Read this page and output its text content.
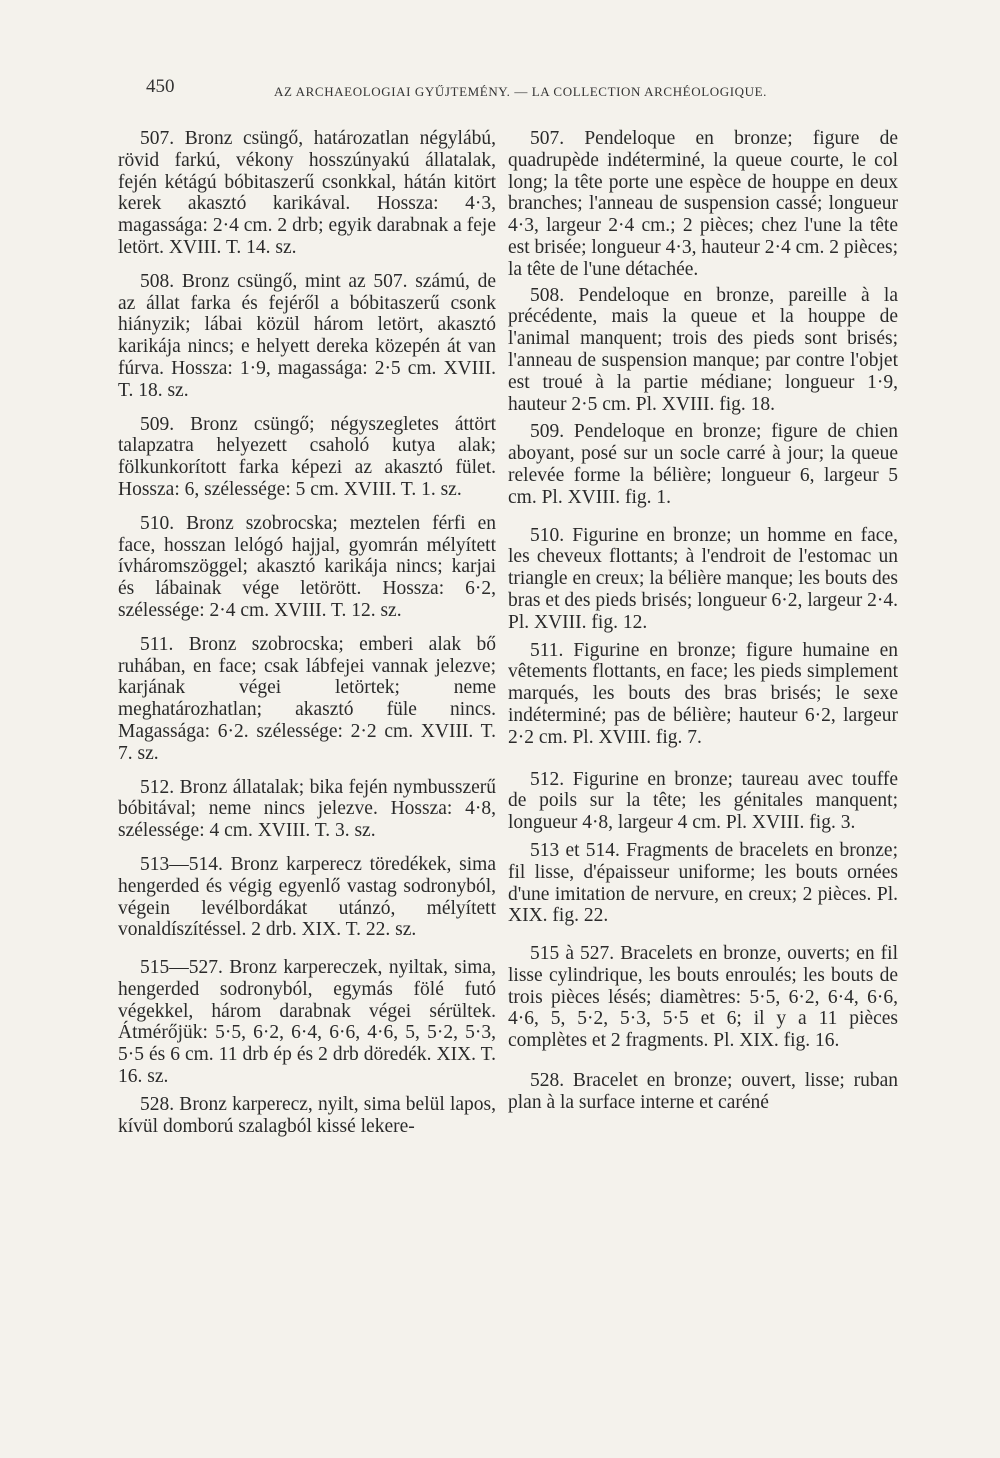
450	AZ ARCHAEOLOGIAI GYŰJTEMÉNY. — LA COLLECTION ARCHÉOLOGIQUE.

507. Bronz csüngő, határozatlan négylábú, rövid farkú, vékony hosszúnyakú állatalak, fején kétágú bóbitaszerű csonkkal, hátán kitört kerek akasztó karikával. Hossza: 4·3, magassága: 2·4 cm. 2 drb; egyik darabnak a feje letört. XVIII. T. 14. sz.

508. Bronz csüngő, mint az 507. számú, de az állat farka és fejéről a bóbitaszerű csonk hiányzik; lábai közül három letört, akasztó karikája nincs; e helyett dereka közepén át van fúrva. Hossza: 1·9, magassága: 2·5 cm. XVIII. T. 18. sz.

509. Bronz csüngő; négyszegletes áttört talapzatra helyezett csaholó kutya alak; fölkunkorított farka képezi az akasztó fület. Hossza: 6, szélessége: 5 cm. XVIII. T. 1. sz.

510. Bronz szobrocska; meztelen férfi en face, hosszan lelógó hajjal, gyomrán mélyített ívháromszöggel; akasztó karikája nincs; karjai és lábainak vége letörött. Hossza: 6·2, szélessége: 2·4 cm. XVIII. T. 12. sz.

511. Bronz szobrocska; emberi alak bő ruhában, en face; csak lábfejei vannak jelezve; karjának végei letörtek; neme meghatározhatlan; akasztó füle nincs. Magassága: 6·2. szélessége: 2·2 cm. XVIII. T. 7. sz.

512. Bronz állatalak; bika fején nymbusszerű bóbitával; neme nincs jelezve. Hossza: 4·8, szélessége: 4 cm. XVIII. T. 3. sz.

513—514. Bronz karperecz töredékek, sima hengerded és végig egyenlő vastag sodronyból, végein levélbordákat utánzó, mélyített vonaldíszítéssel. 2 drb. XIX. T. 22. sz.

515—527. Bronz karpereczek, nyiltak, sima, hengerded sodronyból, egymás fölé futó végekkel, három darabnak végei sérültek. Átmérőjük: 5·5, 6·2, 6·4, 6·6, 4·6, 5, 5·2, 5·3, 5·5 és 6 cm. 11 drb ép és 2 drb döredék. XIX. T. 16. sz.

528. Bronz karperecz, nyilt, sima belül lapos, kívül domború szalagból kissé lekere-

507. Pendeloque en bronze; figure de quadrupède indéterminé, la queue courte, le col long; la tête porte une espèce de houppe en deux branches; l'anneau de suspension cassé; longueur 4·3, largeur 2·4 cm.; 2 pièces; chez l'une la tête est brisée; longueur 4·3, hauteur 2·4 cm. 2 pièces; la tête de l'une détachée.

508. Pendeloque en bronze, pareille à la précédente, mais la queue et la houppe de l'animal manquent; trois des pieds sont brisés; l'anneau de suspension manque; par contre l'objet est troué à la partie médiane; longueur 1·9, hauteur 2·5 cm. Pl. XVIII. fig. 18.

509. Pendeloque en bronze; figure de chien aboyant, posé sur un socle carré à jour; la queue relevée forme la bélière; longueur 6, largeur 5 cm. Pl. XVIII. fig. 1.

510. Figurine en bronze; un homme en face, les cheveux flottants; à l'endroit de l'estomac un triangle en creux; la bélière manque; les bouts des bras et des pieds brisés; longueur 6·2, largeur 2·4. Pl. XVIII. fig. 12.

511. Figurine en bronze; figure humaine en vêtements flottants, en face; les pieds simplement marqués, les bouts des bras brisés; le sexe indéterminé; pas de bélière; hauteur 6·2, largeur 2·2 cm. Pl. XVIII. fig. 7.

512. Figurine en bronze; taureau avec touffe de poils sur la tête; les génitales manquent; longueur 4·8, largeur 4 cm. Pl. XVIII. fig. 3.

513 et 514. Fragments de bracelets en bronze; fil lisse, d'épaisseur uniforme; les bouts ornées d'une imitation de nervure, en creux; 2 pièces. Pl. XIX. fig. 22.

515 à 527. Bracelets en bronze, ouverts; en fil lisse cylindrique, les bouts enroulés; les bouts de trois pièces lésés; diamètres: 5·5, 6·2, 6·4, 6·6, 4·6, 5, 5·2, 5·3, 5·5 et 6; il y a 11 pièces complètes et 2 fragments. Pl. XIX. fig. 16.

528. Bracelet en bronze; ouvert, lisse; ruban plan à la surface interne et caréné
